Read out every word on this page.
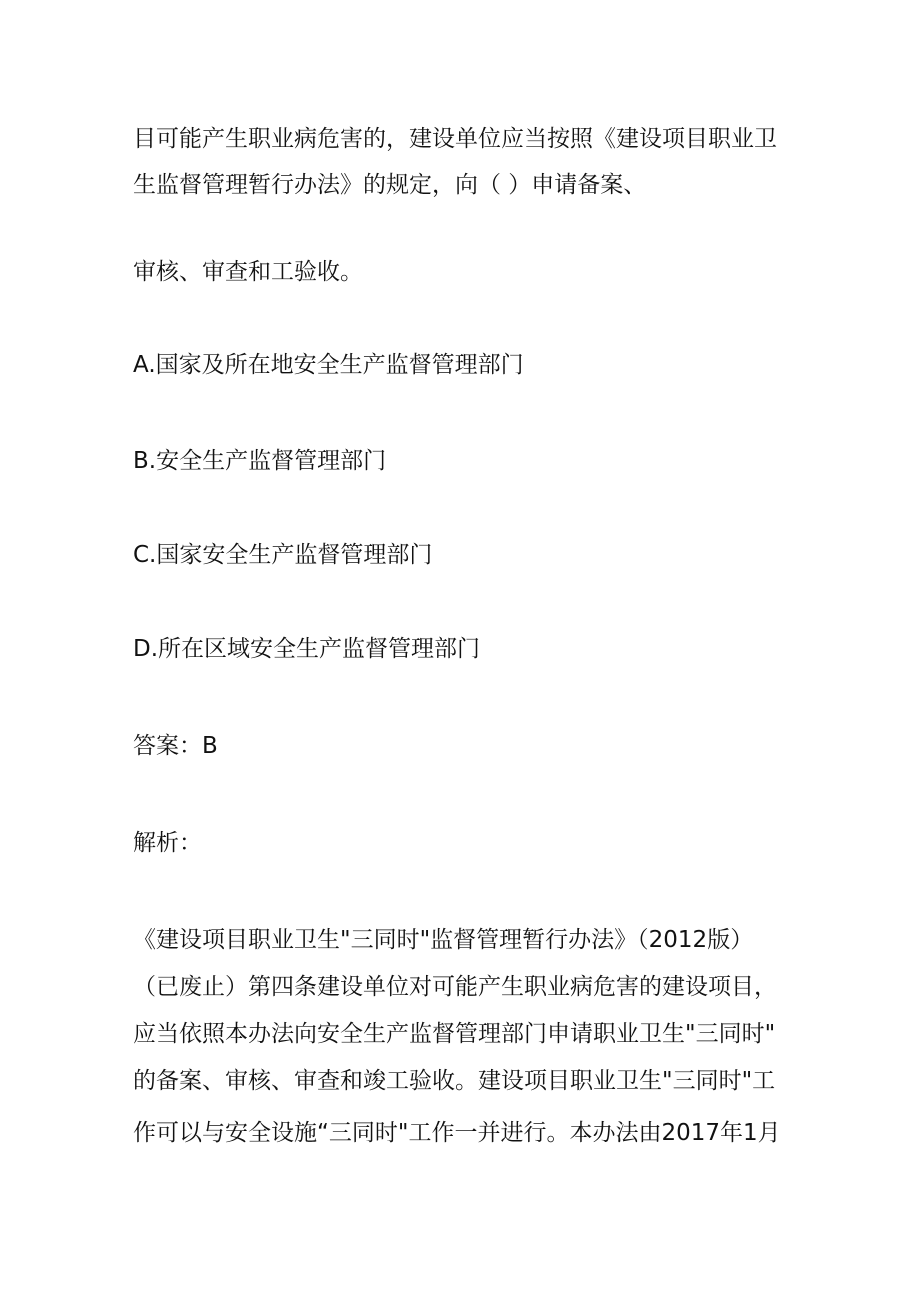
目可能产生职业病危害的，建设单位应当按照《建设项目职业卫
生监督管理暂行办法》的规定，向（ ）申请备案、
审核、审查和工验收。
A.国家及所在地安全生产监督管理部门
B.安全生产监督管理部门
C.国家安全生产监督管理部门
D.所在区域安全生产监督管理部门
答案：B
解析：
《建设项目职业卫生"三同时"监督管理暂行办法》（2012版）
（已废止）第四条建设单位对可能产生职业病危害的建设项目，
应当依照本办法向安全生产监督管理部门申请职业卫生"三同时"
的备案、审核、审查和竣工验收。建设项目职业卫生"三同时"工
作可以与安全设施“三同时"工作一并进行。本办法由2017年1月
